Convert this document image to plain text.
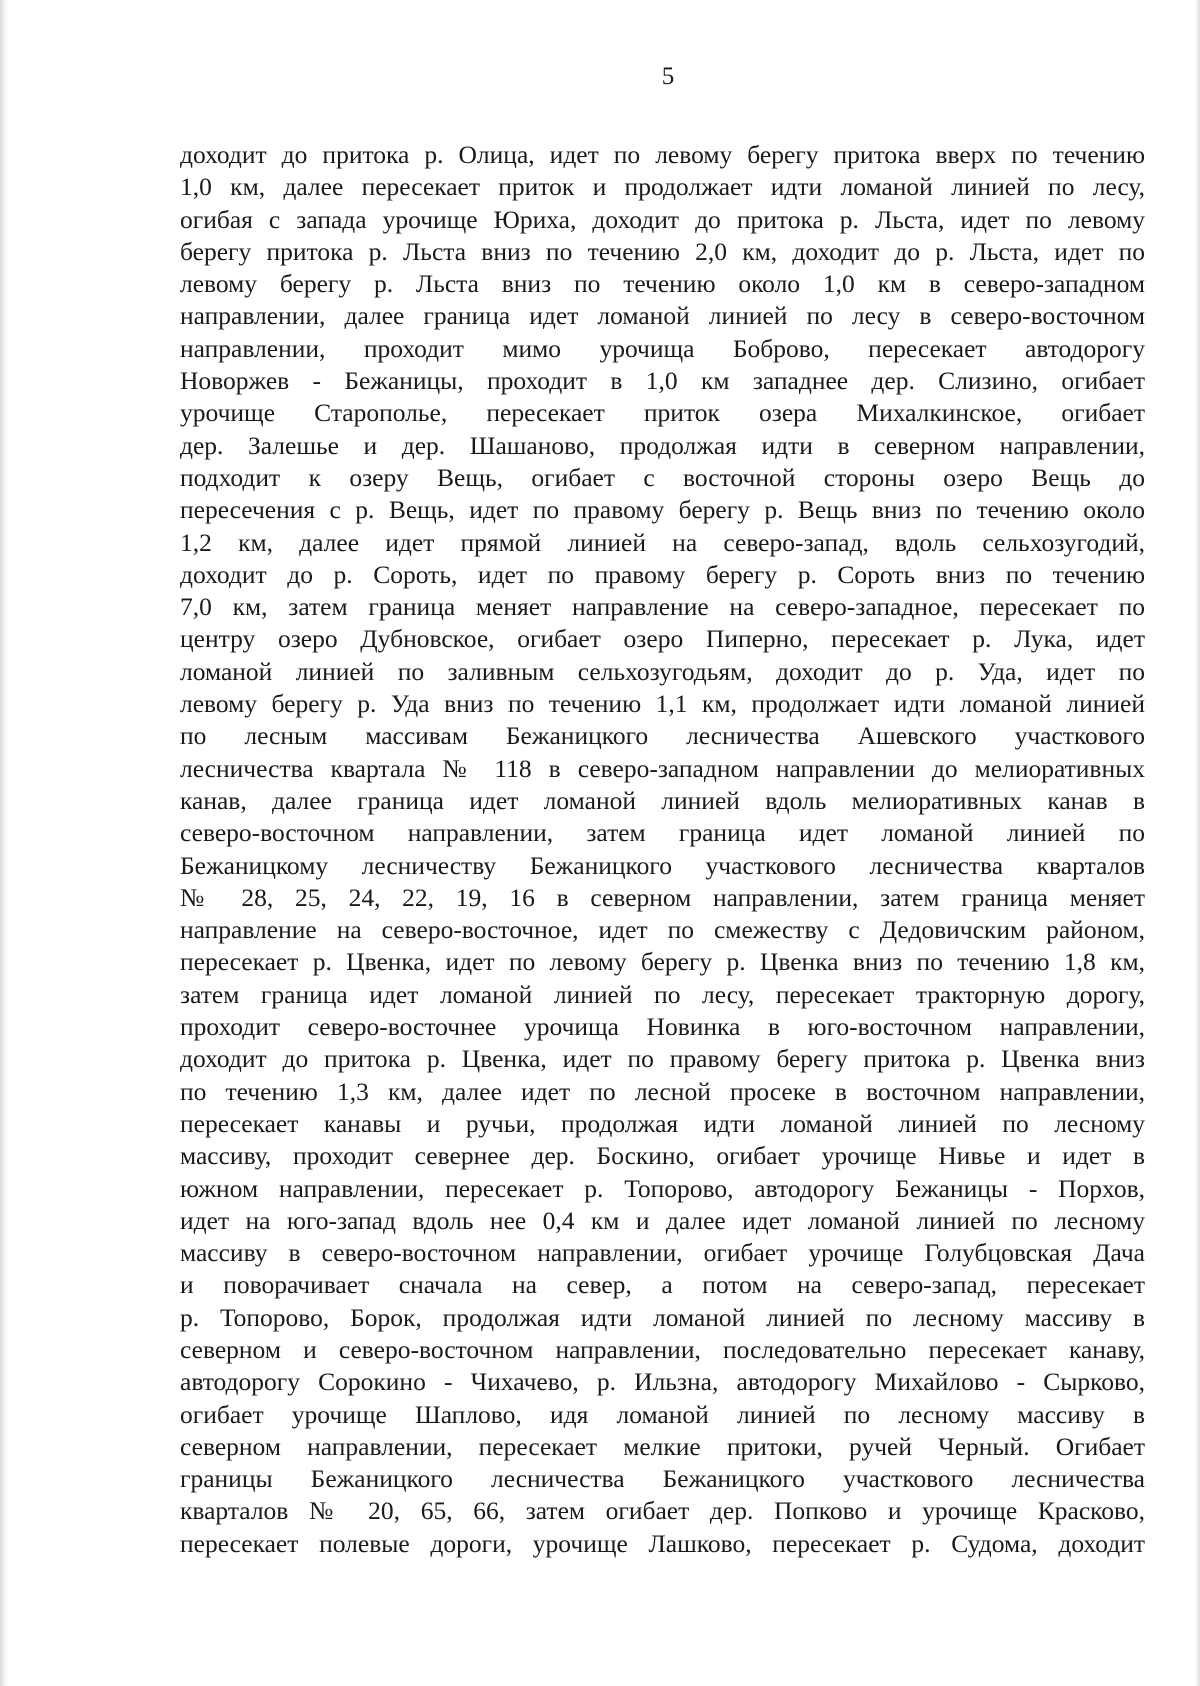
5
доходит до притока р. Олица, идет по левому берегу притока вверх по течению
1,0 км, далее пересекает приток и продолжает идти ломаной линией по лесу,
огибая с запада урочище Юриха, доходит до притока р. Льста, идет по левому
берегу притока р. Льста вниз по течению 2,0 км, доходит до р. Льста, идет по
левому берегу р. Льста вниз по течению около 1,0 км в северо-западном
направлении, далее граница идет ломаной линией по лесу в северо-восточном
направлении, проходит мимо урочища Боброво, пересекает автодорогу
Новоржев - Бежаницы, проходит в 1,0 км западнее дер. Слизино, огибает
урочище Старополье, пересекает приток озера Михалкинское, огибает
дер. Залешье и дер. Шашаново, продолжая идти в северном направлении,
подходит к озеру Вещь, огибает с восточной стороны озеро Вещь до
пересечения с р. Вещь, идет по правому берегу р. Вещь вниз по течению около
1,2 км, далее идет прямой линией на северо-запад, вдоль сельхозугодий,
доходит до р. Сороть, идет по правому берегу р. Сороть вниз по течению
7,0 км, затем граница меняет направление на северо-западное, пересекает по
центру озеро Дубновское, огибает озеро Пиперно, пересекает р. Лука, идет
ломаной линией по заливным сельхозугодьям, доходит до р. Уда, идет по
левому берегу р. Уда вниз по течению 1,1 км, продолжает идти ломаной линией
по лесным массивам Бежаницкого лесничества Ашевского участкового
лесничества квартала № 118 в северо-западном направлении до мелиоративных
канав, далее граница идет ломаной линией вдоль мелиоративных канав в
северо-восточном направлении, затем граница идет ломаной линией по
Бежаницкому лесничеству Бежаницкого участкового лесничества кварталов
№ 28, 25, 24, 22, 19, 16 в северном направлении, затем граница меняет
направление на северо-восточное, идет по смежеству с Дедовичским районом,
пересекает р. Цвенка, идет по левому берегу р. Цвенка вниз по течению 1,8 км,
затем граница идет ломаной линией по лесу, пересекает тракторную дорогу,
проходит северо-восточнее урочища Новинка в юго-восточном направлении,
доходит до притока р. Цвенка, идет по правому берегу притока р. Цвенка вниз
по течению 1,3 км, далее идет по лесной просеке в восточном направлении,
пересекает канавы и ручьи, продолжая идти ломаной линией по лесному
массиву, проходит севернее дер. Боскино, огибает урочище Нивье и идет в
южном направлении, пересекает р. Топорово, автодорогу Бежаницы - Порхов,
идет на юго-запад вдоль нее 0,4 км и далее идет ломаной линией по лесному
массиву в северо-восточном направлении, огибает урочище Голубцовская Дача
и поворачивает сначала на север, а потом на северо-запад, пересекает
р. Топорово, Борок, продолжая идти ломаной линией по лесному массиву в
северном и северо-восточном направлении, последовательно пересекает канаву,
автодорогу Сорокино - Чихачево, р. Ильзна, автодорогу Михайлово - Сырково,
огибает урочище Шаплово, идя ломаной линией по лесному массиву в
северном направлении, пересекает мелкие притоки, ручей Черный. Огибает
границы Бежаницкого лесничества Бежаницкого участкового лесничества
кварталов № 20, 65, 66, затем огибает дер. Попково и урочище Красково,
пересекает полевые дороги, урочище Лашково, пересекает р. Судома, доходит
